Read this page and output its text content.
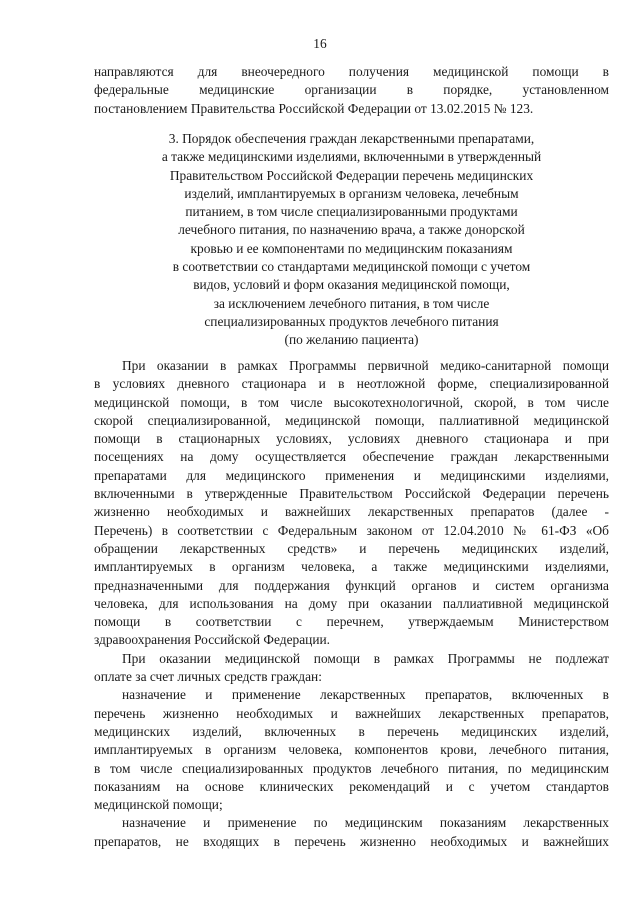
16

направляются для внеочередного получения медицинской помощи в

федеральные медицинские организации в порядке, установленном

постановлением Правительства Российской Федерации от 13.02.2015 № 123.

3. Порядок обеспечения граждан лекарственными препаратами,
а также медицинскими изделиями, включенными в утвержденный
Правительством Российской Федерации перечень медицинских
изделий, имплантируемых в организм человека, лечебным
питанием, в том числе специализированными продуктами
лечебного питания, по назначению врача, а также донорской
кровью и ее компонентами по медицинским показаниям
в соответствии со стандартами медицинской помощи с учетом
видов, условий и форм оказания медицинской помощи,
за исключением лечебного питания, в том числе
специализированных продуктов лечебного питания
(по желанию пациента)

При оказании в рамках Программы первичной медико-санитарной помощи

в условиях дневного стационара и в неотложной форме, специализированной

медицинской помощи, в том числе высокотехнологичной, скорой, в том числе

скорой специализированной, медицинской помощи, паллиативной медицинской

помощи в стационарных условиях, условиях дневного стационара и при

посещениях на дому осуществляется обеспечение граждан лекарственными

препаратами для медицинского применения и медицинскими изделиями,

включенными в утвержденные Правительством Российской Федерации перечень

жизненно необходимых и важнейших лекарственных препаратов (далее -

Перечень) в соответствии с Федеральным законом от 12.04.2010 № 61-ФЗ «Об

обращении лекарственных средств» и перечень медицинских изделий,

имплантируемых в организм человека, а также медицинскими изделиями,

предназначенными для поддержания функций органов и систем организма

человека, для использования на дому при оказании паллиативной медицинской

помощи в соответствии с перечнем, утверждаемым Министерством

здравоохранения Российской Федерации.

При оказании медицинской помощи в рамках Программы не подлежат

оплате за счет личных средств граждан:

назначение и применение лекарственных препаратов, включенных в

перечень жизненно необходимых и важнейших лекарственных препаратов,

медицинских изделий, включенных в перечень медицинских изделий,

имплантируемых в организм человека, компонентов крови, лечебного питания,

в том числе специализированных продуктов лечебного питания, по медицинским

показаниям на основе клинических рекомендаций и с учетом стандартов

медицинской помощи;

назначение и применение по медицинским показаниям лекарственных

препаратов, не входящих в перечень жизненно необходимых и важнейших
